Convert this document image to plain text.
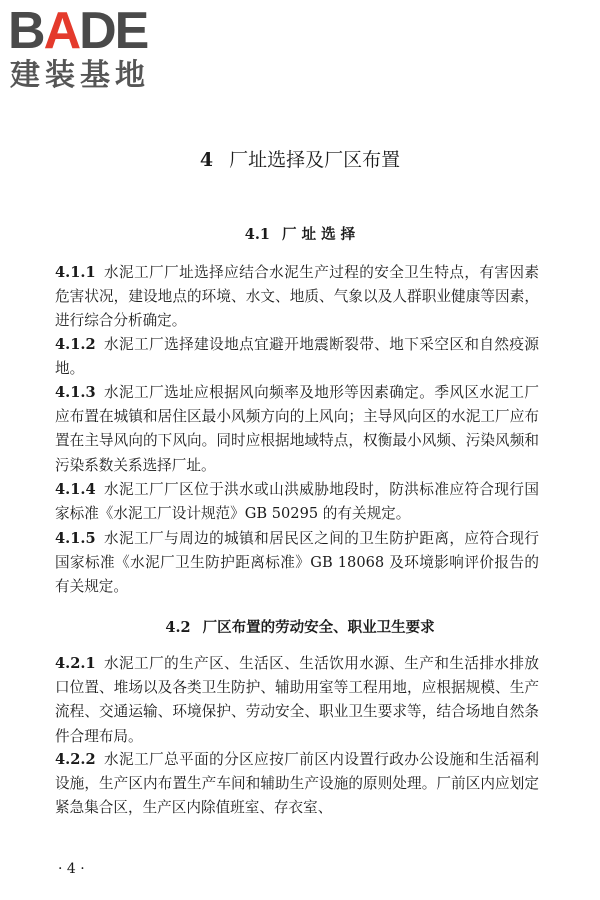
BADE
建装基地
4 厂址选择及厂区布置
4.1 厂 址 选 择
4.1.1 水泥工厂厂址选择应结合水泥生产过程的安全卫生特点，有害因素危害状况，建设地点的环境、水文、地质、气象以及人群职业健康等因素，进行综合分析确定。
4.1.2 水泥工厂选择建设地点宜避开地震断裂带、地下采空区和自然疫源地。
4.1.3 水泥工厂选址应根据风向频率及地形等因素确定。季风区水泥工厂应布置在城镇和居住区最小风频方向的上风向；主导风向区的水泥工厂应布置在主导风向的下风向。同时应根据地域特点，权衡最小风频、污染风频和污染系数关系选择厂址。
4.1.4 水泥工厂厂区位于洪水或山洪威胁地段时，防洪标准应符合现行国家标准《水泥工厂设计规范》GB 50295 的有关规定。
4.1.5 水泥工厂与周边的城镇和居民区之间的卫生防护距离，应符合现行国家标准《水泥厂卫生防护距离标准》GB 18068 及环境影响评价报告的有关规定。
4.2 厂区布置的劳动安全、职业卫生要求
4.2.1 水泥工厂的生产区、生活区、生活饮用水源、生产和生活排水排放口位置、堆场以及各类卫生防护、辅助用室等工程用地，应根据规模、生产流程、交通运输、环境保护、劳动安全、职业卫生要求等，结合场地自然条件合理布局。
4.2.2 水泥工厂总平面的分区应按厂前区内设置行政办公设施和生活福利设施，生产区内布置生产车间和辅助生产设施的原则处理。厂前区内应划定紧急集合区，生产区内除值班室、存衣室、
· 4 ·
